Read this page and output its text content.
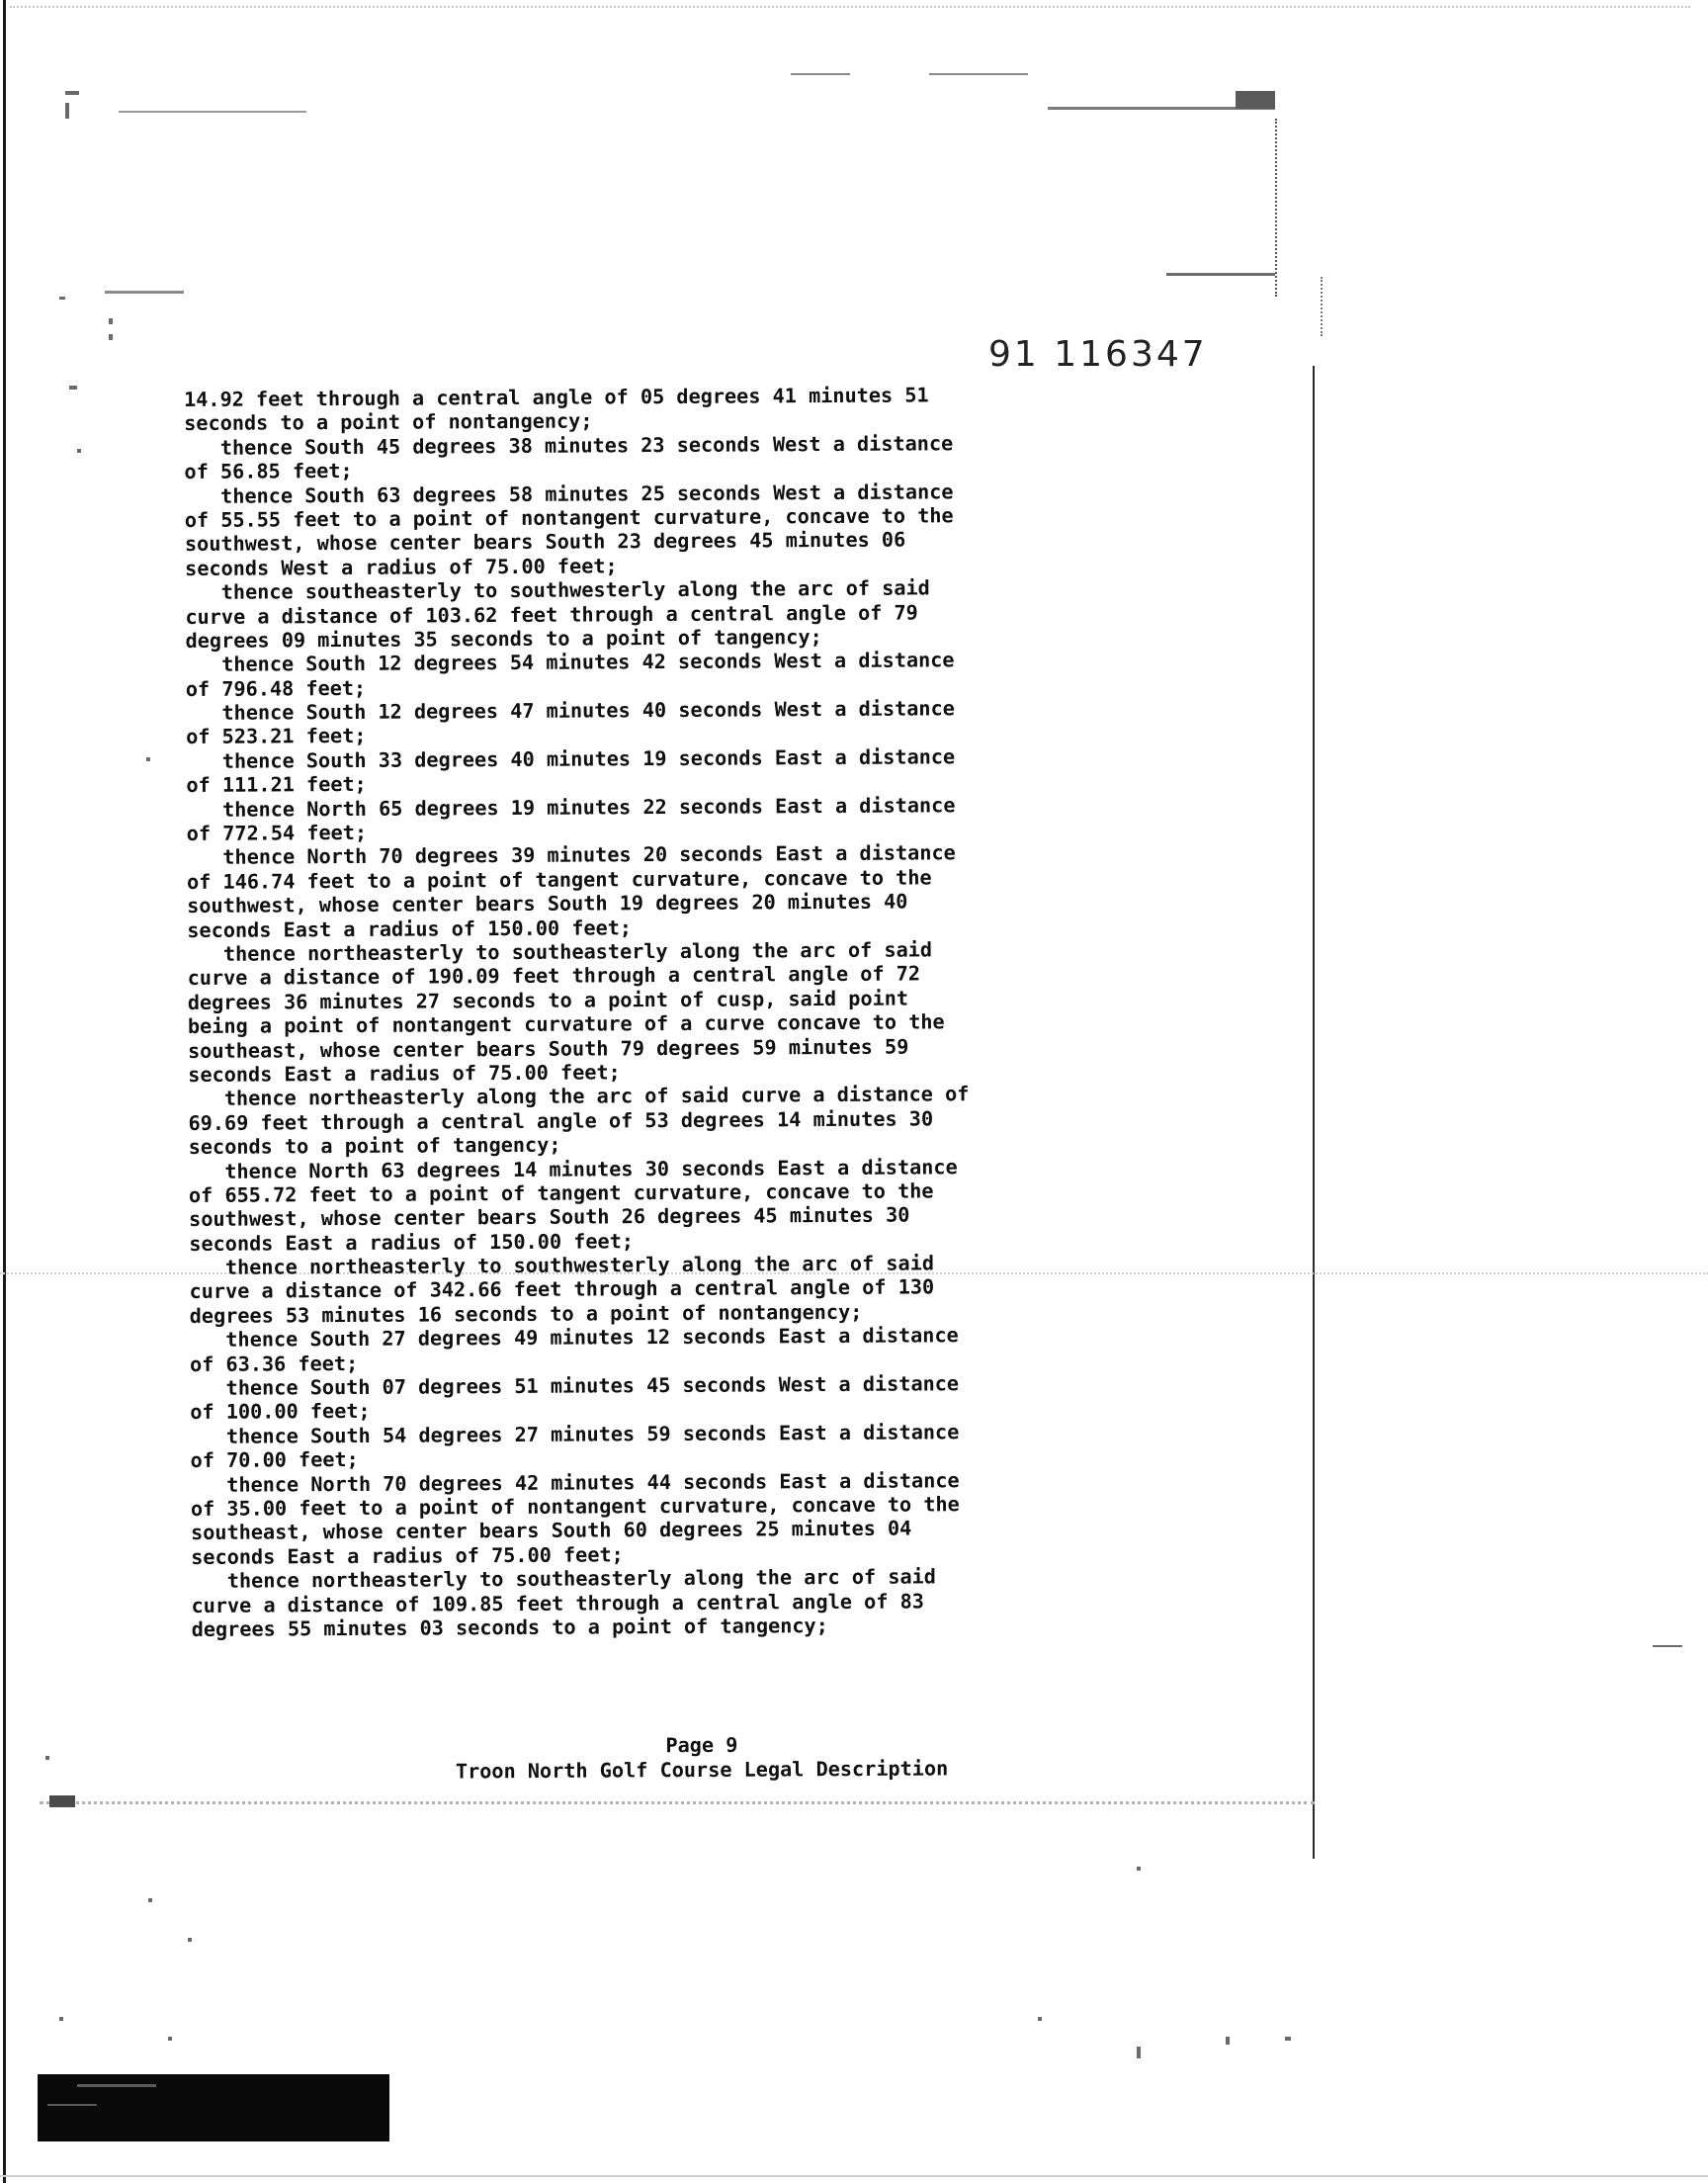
91 116347
14.92 feet through a central angle of 05 degrees 41 minutes 51
seconds to a point of nontangency;
thence South 45 degrees 38 minutes 23 seconds West a distance
of 56.85 feet;
thence South 63 degrees 58 minutes 25 seconds West a distance
of 55.55 feet to a point of nontangent curvature, concave to the
southwest, whose center bears South 23 degrees 45 minutes 06
seconds West a radius of 75.00 feet;
thence southeasterly to southwesterly along the arc of said
curve a distance of 103.62 feet through a central angle of 79
degrees 09 minutes 35 seconds to a point of tangency;
thence South 12 degrees 54 minutes 42 seconds West a distance
of 796.48 feet;
thence South 12 degrees 47 minutes 40 seconds West a distance
of 523.21 feet;
thence South 33 degrees 40 minutes 19 seconds East a distance
of 111.21 feet;
thence North 65 degrees 19 minutes 22 seconds East a distance
of 772.54 feet;
thence North 70 degrees 39 minutes 20 seconds East a distance
of 146.74 feet to a point of tangent curvature, concave to the
southwest, whose center bears South 19 degrees 20 minutes 40
seconds East a radius of 150.00 feet;
thence northeasterly to southeasterly along the arc of said
curve a distance of 190.09 feet through a central angle of 72
degrees 36 minutes 27 seconds to a point of cusp, said point
being a point of nontangent curvature of a curve concave to the
southeast, whose center bears South 79 degrees 59 minutes 59
seconds East a radius of 75.00 feet;
thence northeasterly along the arc of said curve a distance of
69.69 feet through a central angle of 53 degrees 14 minutes 30
seconds to a point of tangency;
thence North 63 degrees 14 minutes 30 seconds East a distance
of 655.72 feet to a point of tangent curvature, concave to the
southwest, whose center bears South 26 degrees 45 minutes 30
seconds East a radius of 150.00 feet;
thence northeasterly to southwesterly along the arc of said
curve a distance of 342.66 feet through a central angle of 130
degrees 53 minutes 16 seconds to a point of nontangency;
thence South 27 degrees 49 minutes 12 seconds East a distance
of 63.36 feet;
thence South 07 degrees 51 minutes 45 seconds West a distance
of 100.00 feet;
thence South 54 degrees 27 minutes 59 seconds East a distance
of 70.00 feet;
thence North 70 degrees 42 minutes 44 seconds East a distance
of 35.00 feet to a point of nontangent curvature, concave to the
southeast, whose center bears South 60 degrees 25 minutes 04
seconds East a radius of 75.00 feet;
thence northeasterly to southeasterly along the arc of said
curve a distance of 109.85 feet through a central angle of 83
degrees 55 minutes 03 seconds to a point of tangency;
Page 9
Troon North Golf Course Legal Description
